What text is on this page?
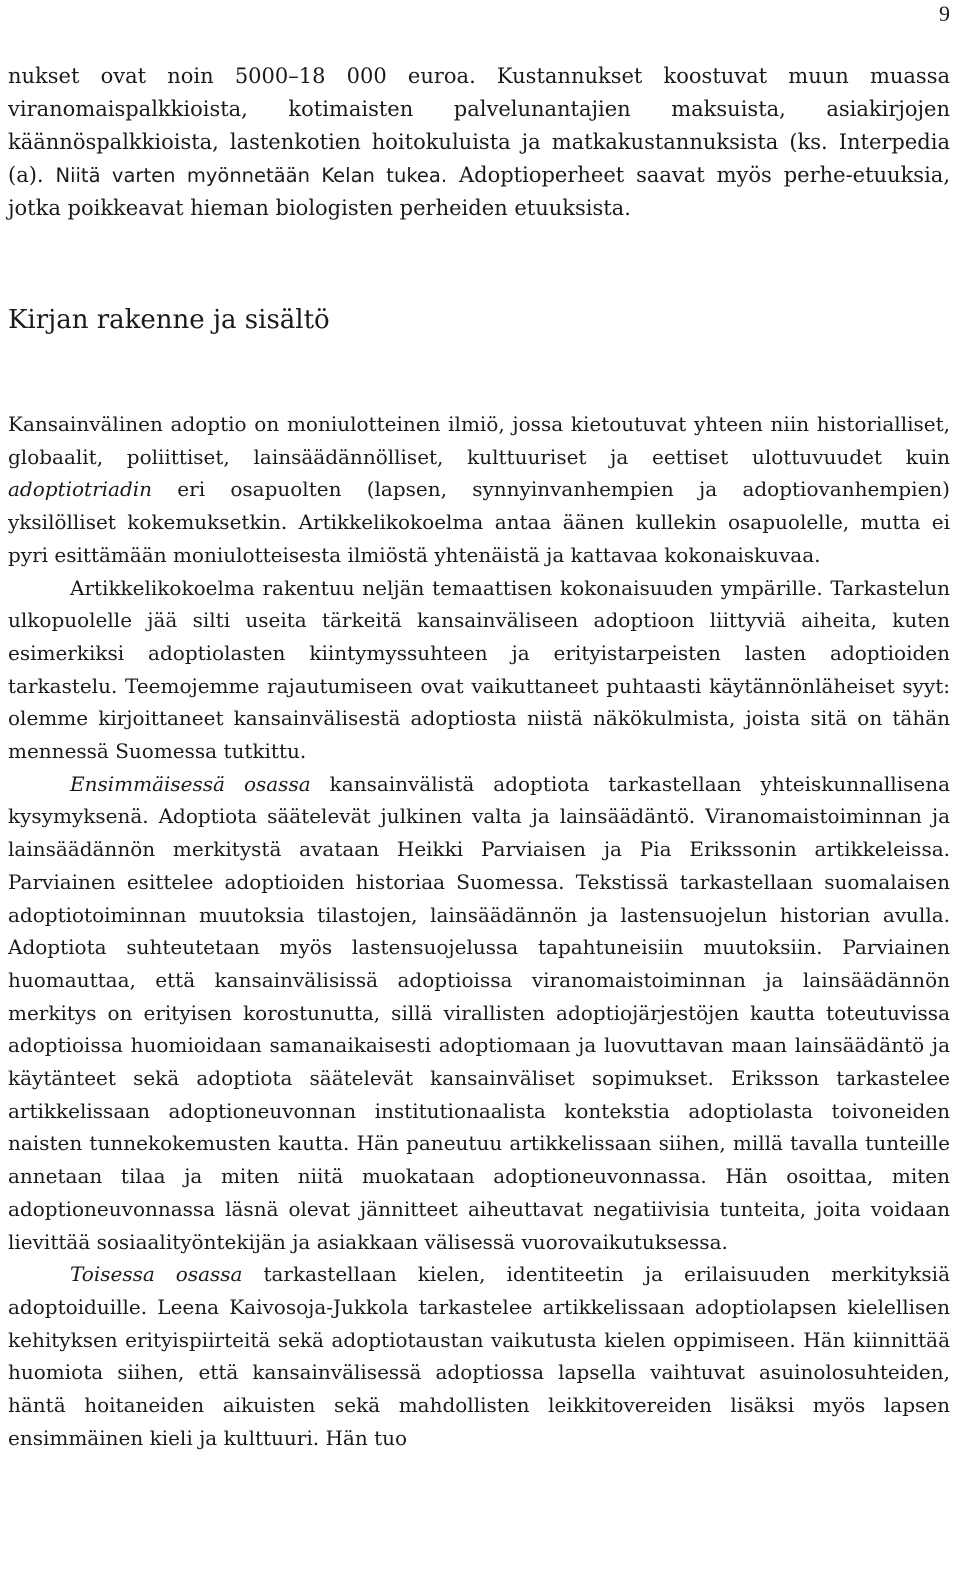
9

nukset ovat noin 5000–18 000 euroa. Kustannukset koostuvat muun muassa viranomaispalkkioista, kotimaisten palvelunantajien maksuista, asiakirjojen käännöspalkkioista, lastenkotien hoitokuluista ja matkakustannuksista (ks. Interpedia (a). Niitä varten myönnetään Kelan tukea. Adoptioperheet saavat myös perhe-etuuksia, jotka poikkeavat hieman biologisten perheiden etuuksista.

Kirjan rakenne ja sisältö

Kansainvälinen adoptio on moniulotteinen ilmiö, jossa kietoutuvat yhteen niin historialliset, globaalit, poliittiset, lainsäädännölliset, kulttuuriset ja eettiset ulottuvuudet kuin adoptiotriadin eri osapuolten (lapsen, synnyinvanhempien ja adoptiovanhempien) yksilölliset kokemuksetkin. Artikkelikokoelma antaa äänen kullekin osapuolelle, mutta ei pyri esittämään moniulotteisesta ilmiöstä yhtenäistä ja kattavaa kokonaiskuvaa.

Artikkelikokoelma rakentuu neljän temaattisen kokonaisuuden ympärille. Tarkastelun ulkopuolelle jää silti useita tärkeitä kansainväliseen adoptioon liittyviä aiheita, kuten esimerkiksi adoptiolasten kiintymyssuhteen ja erityistarpeisten lasten adoptioiden tarkastelu. Teemojemme rajautumiseen ovat vaikuttaneet puhtaasti käytännönläheiset syyt: olemme kirjoittaneet kansainvälisestä adoptiosta niistä näkökulmista, joista sitä on tähän mennessä Suomessa tutkittu.

Ensimmäisessä osassa kansainvälistä adoptiota tarkastellaan yhteiskunnallisena kysymyksenä. Adoptiota säätelevät julkinen valta ja lainsäädäntö. Viranomaistoiminnan ja lainsäädännön merkitystä avataan Heikki Parviaisen ja Pia Erikssonin artikkeleissa. Parviainen esittelee adoptioiden historiaa Suomessa. Tekstissä tarkastellaan suomalaisen adoptiotoiminnan muutoksia tilastojen, lainsäädännön ja lastensuojelun historian avulla. Adoptiota suhteutetaan myös lastensuojelussa tapahtuneisiin muutoksiin. Parviainen huomauttaa, että kansainvälisissä adoptioissa viranomaistoiminnan ja lainsäädännön merkitys on erityisen korostunutta, sillä virallisten adoptiojärjestöjen kautta toteutuvissa adoptioissa huomioidaan samanaikaisesti adoptiomaan ja luovuttavan maan lainsäädäntö ja käytänteet sekä adoptiota säätelevät kansainväliset sopimukset. Eriksson tarkastelee artikkelissaan adoptioneuvonnan institutionaalista kontekstia adoptiolasta toivoneiden naisten tunnekokemusten kautta. Hän paneutuu artikkelissaan siihen, millä tavalla tunteille annetaan tilaa ja miten niitä muokataan adoptioneuvonnassa. Hän osoittaa, miten adoptioneuvonnassa läsnä olevat jännitteet aiheuttavat negatiivisia tunteita, joita voidaan lievittää sosiaalityöntekijän ja asiakkaan välisessä vuorovaikutuksessa.

Toisessa osassa tarkastellaan kielen, identiteetin ja erilaisuuden merkityksiä adoptoiduille. Leena Kaivosoja-Jukkola tarkastelee artikkelissaan adoptiolapsen kielellisen kehityksen erityispiirteitä sekä adoptiotaustan vaikutusta kielen oppimiseen. Hän kiinnittää huomiota siihen, että kansainvälisessä adoptiossa lapsella vaihtuvat asuinolosuhteiden, häntä hoitaneiden aikuisten sekä mahdollisten leikkitovereiden lisäksi myös lapsen ensimmäinen kieli ja kulttuuri. Hän tuo
